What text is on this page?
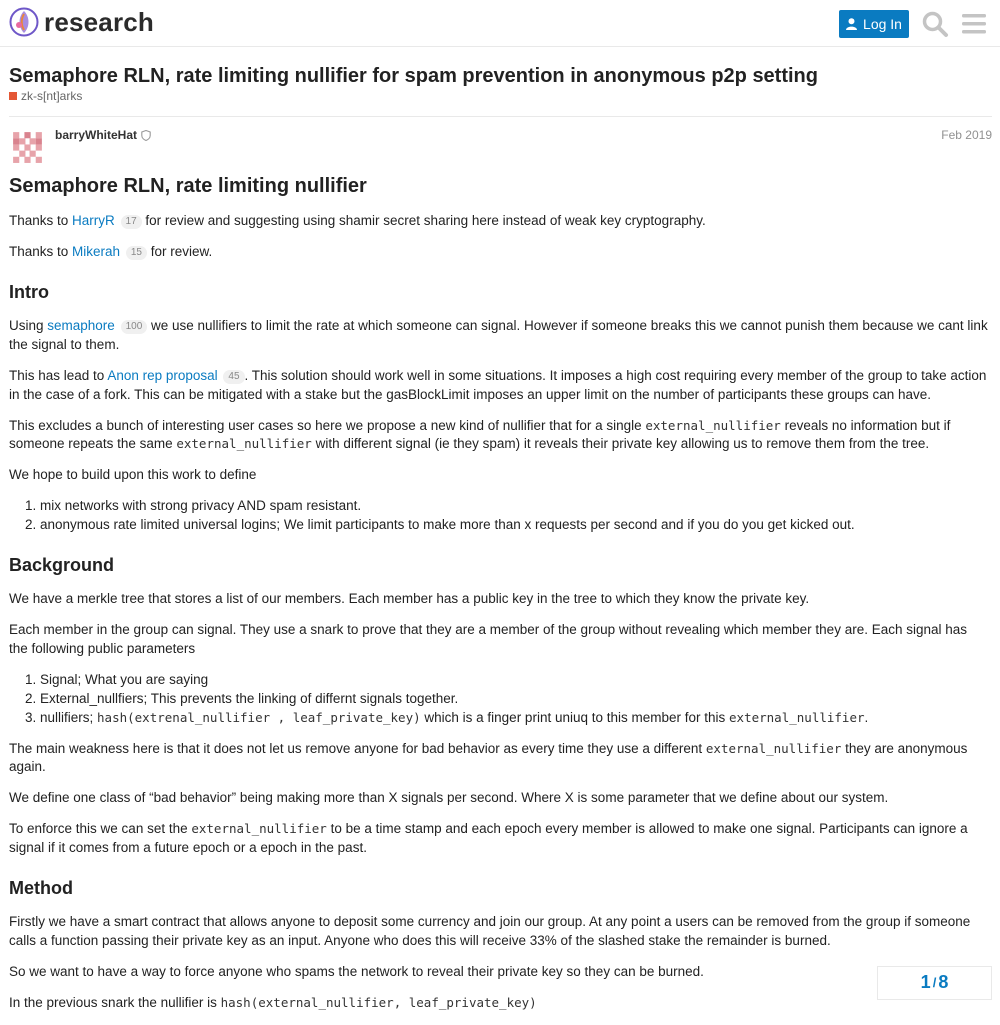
research	Log In
Semaphore RLN, rate limiting nullifier for spam prevention in anonymous p2p setting
zk-s[nt]arks
barryWhiteHat	Feb 2019
Semaphore RLN, rate limiting nullifier

Thanks to HarryR 17 for review and suggesting using shamir secret sharing here instead of weak key cryptography.

Thanks to Mikerah 15 for review.

Intro

Using semaphore 100 we use nullifiers to limit the rate at which someone can signal. However if someone breaks this we cannot punish them because we cant link the signal to them.

This has lead to Anon rep proposal 45 . This solution should work well in some situations. It imposes a high cost requiring every member of the group to take action in the case of a fork. This can be mitigated with a stake but the gasBlockLimit imposes an upper limit on the number of participants these groups can have.

This excludes a bunch of interesting user cases so here we propose a new kind of nullifier that for a single external_nullifier reveals no information but if someone repeats the same external_nullifier with different signal (ie they spam) it reveals their private key allowing us to remove them from the tree.

We hope to build upon this work to define

1. mix networks with strong privacy AND spam resistant.
2. anonymous rate limited universal logins; We limit participants to make more than x requests per second and if you do you get kicked out.
Background

We have a merkle tree that stores a list of our members. Each member has a public key in the tree to which they know the private key.

Each member in the group can signal. They use a snark to prove that they are a member of the group without revealing which member they are. Each signal has the following public parameters

1. Signal; What you are saying
2. External_nullfiers; This prevents the linking of differnt signals together.
3. nullifiers; hash(extrenal_nullifier , leaf_private_key) which is a finger print uniuq to this member for this external_nullifier.

The main weakness here is that it does not let us remove anyone for bad behavior as every time they use a different external_nullifier they are anonymous again.

We define one class of “bad behavior” being making more than X signals per second. Where X is some parameter that we define about our system.

To enforce this we can set the external_nullifier to be a time stamp and each epoch every member is allowed to make one signal. Participants can ignore a signal if it comes from a future epoch or a epoch in the past.

Method

Firstly we have a smart contract that allows anyone to deposit some currency and join our group. At any point a users can be removed from the group if someone calls a function passing their private key as an input. Anyone who does this will receive 33% of the slashed stake the remainder is burned.

So we want to have a way to force anyone who spams the network to reveal their private key so they can be burned.

In the previous snark the nullifier is hash(external_nullifier, leaf_private_key)

1 / 8
